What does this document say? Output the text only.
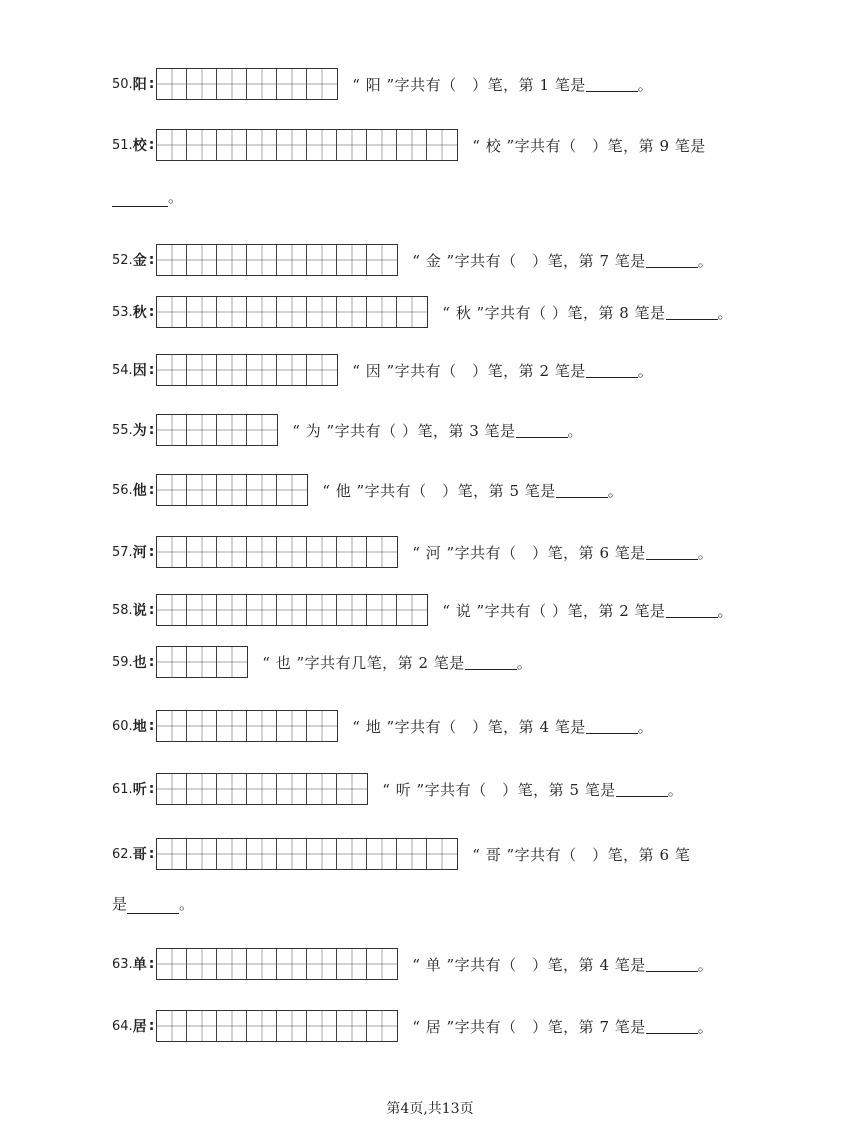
50. 阳 :	“ 阳 ”字共有（　）笔，第 1 笔是	。
51. 校 :	“ 校 ”字共有（　）笔，第 9 笔是
。
52. 金 :	“ 金 ”字共有（　）笔，第 7 笔是	。
53. 秋 :	“ 秋 ”字共有（ ）笔，第 8 笔是	。
54. 因 :	“ 因 ”字共有（　）笔，第 2 笔是	。
55. 为 :	“ 为 ”字共有（ ）笔，第 3 笔是	。
56. 他 :	“ 他 ”字共有（　）笔，第 5 笔是	。
57. 河 :	“ 河 ”字共有（　）笔，第 6 笔是	。
58. 说 :	“ 说 ”字共有（ ）笔，第 2 笔是	。
59. 也 :	“ 也 ”字共有几笔，第 2 笔是	。
60. 地 :	“ 地 ”字共有（　）笔，第 4 笔是	。
61. 听 :	“ 听 ”字共有（　）笔，第 5 笔是	。
62. 哥 :	“ 哥 ”字共有（　）笔，第 6 笔
是	。
63. 单 :	“ 单 ”字共有（　）笔，第 4 笔是	。
64. 居 :	“ 居 ”字共有（　）笔，第 7 笔是	。
第4页,共13页
